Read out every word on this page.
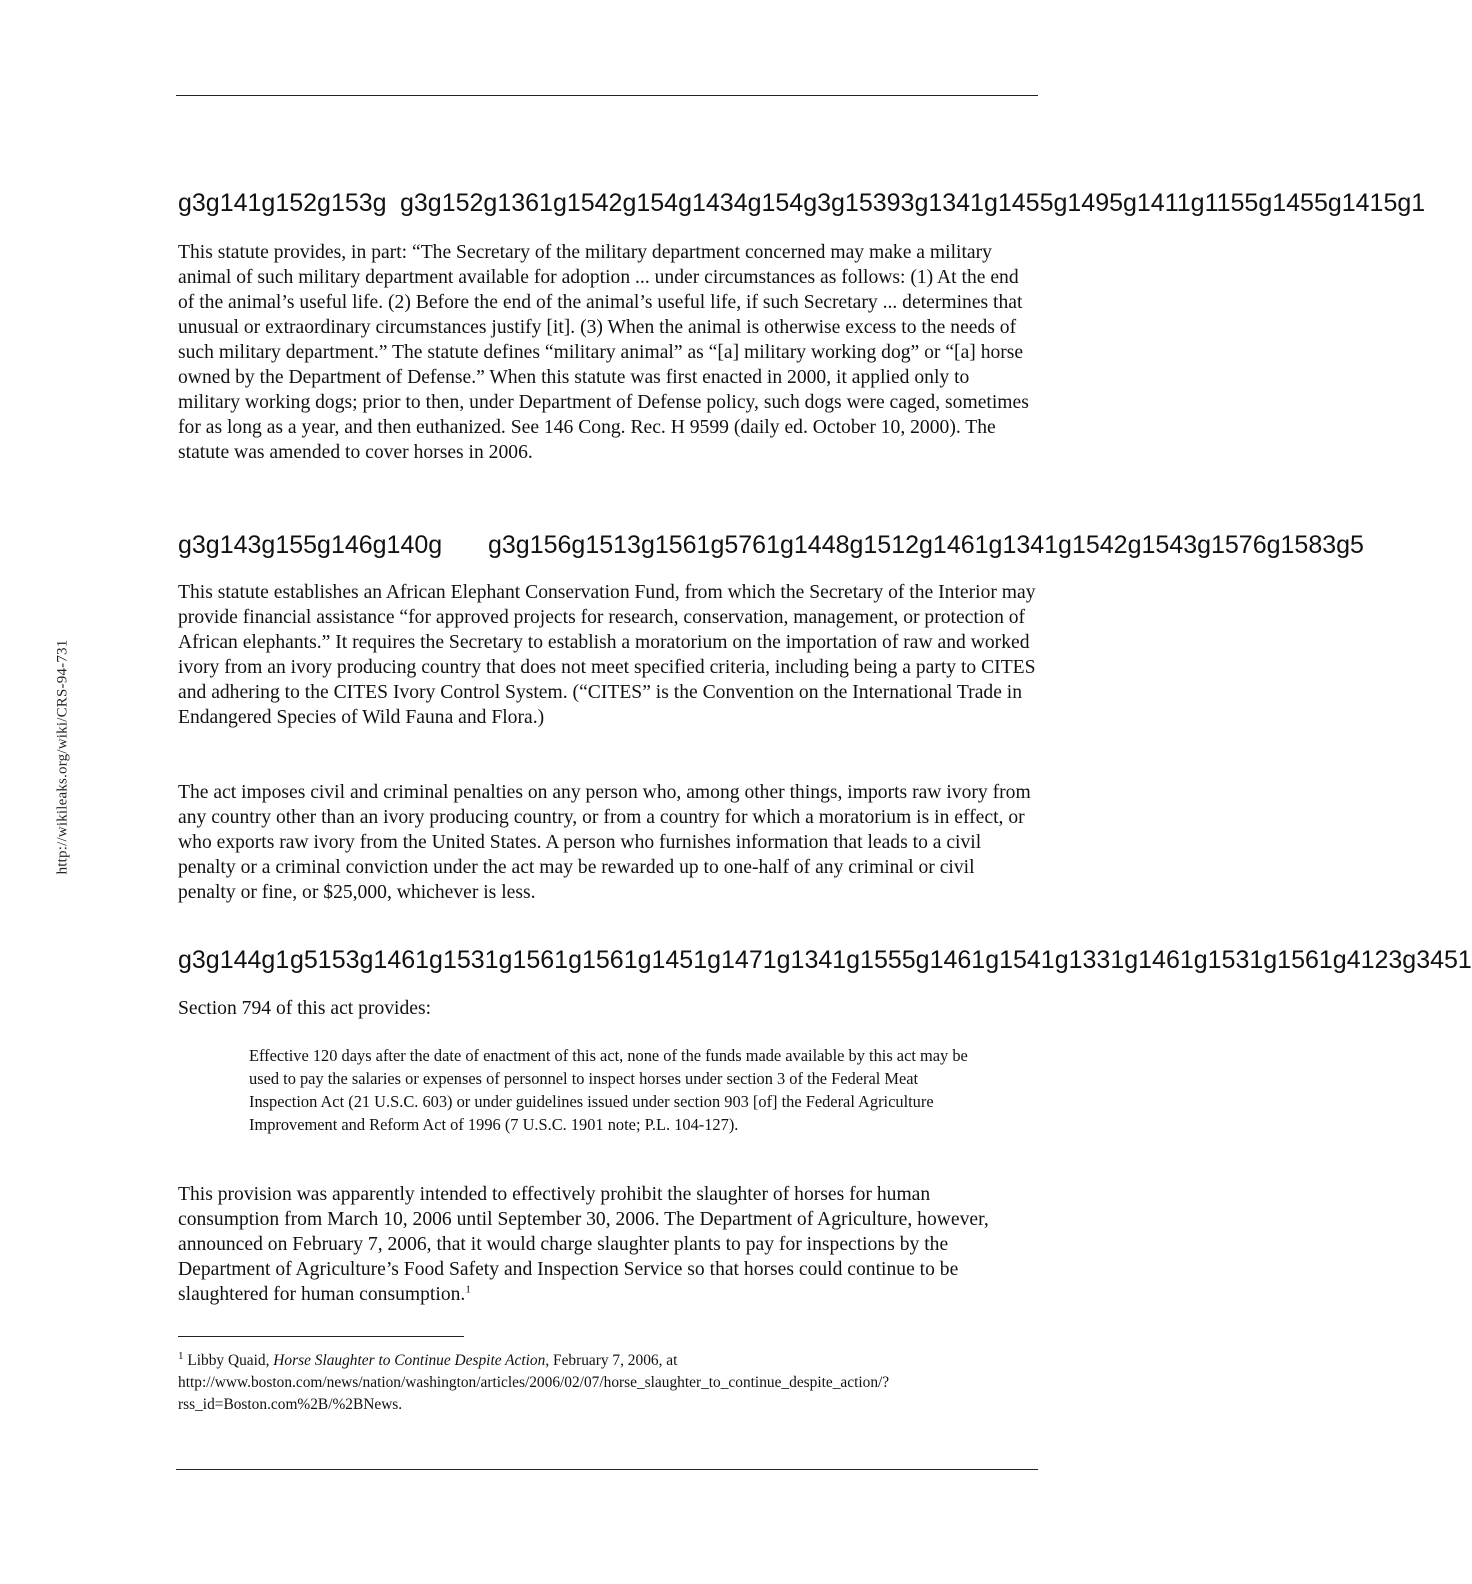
http://wikileaks.org/wiki/CRS-94-731
g3g141g152g153g g3g152g1361g1542g154g1434g154g3g15393g1341g1455g1495g1411g1155g1455g1415g1

This statute provides, in part: “The Secretary of the military department concerned may make a military animal of such military department available for adoption ... under circumstances as follows: (1) At the end of the animal’s useful life. (2) Before the end of the animal’s useful life, if such Secretary ... determines that unusual or extraordinary circumstances justify [it]. (3) When the animal is otherwise excess to the needs of such military department.” The statute defines “military animal” as “[a] military working dog” or “[a] horse owned by the Department of Defense.” When this statute was first enacted in 2000, it applied only to military working dogs; prior to then, under Department of Defense policy, such dogs were caged, sometimes for as long as a year, and then euthanized. See 146 Cong. Rec. H 9599 (daily ed. October 10, 2000). The statute was amended to cover horses in 2006.

g3g143g155g146g140g g3g156g1513g1561g5761g1448g1512g1461g1341g1542g1543g1576g1583g5

This statute establishes an African Elephant Conservation Fund, from which the Secretary of the Interior may provide financial assistance “for approved projects for research, conservation, management, or protection of African elephants.” It requires the Secretary to establish a moratorium on the importation of raw and worked ivory from an ivory producing country that does not meet specified criteria, including being a party to CITES and adhering to the CITES Ivory Control System. (“CITES” is the Convention on the International Trade in Endangered Species of Wild Fauna and Flora.)

The act imposes civil and criminal penalties on any person who, among other things, imports raw ivory from any country other than an ivory producing country, or from a country for which a moratorium is in effect, or who exports raw ivory from the United States. A person who furnishes information that leads to a civil penalty or a criminal conviction under the act may be rewarded up to one-half of any criminal or civil penalty or fine, or $25,000, whichever is less.

g3g144g1 g5153g1461g1531g1561g1561g1451g1471g1341g1555g1461g1541g1331g1461g1531g1561g4123g3451

Section 794 of this act provides:

Effective 120 days after the date of enactment of this act, none of the funds made available by this act may be used to pay the salaries or expenses of personnel to inspect horses under section 3 of the Federal Meat Inspection Act (21 U.S.C. 603) or under guidelines issued under section 903 [of] the Federal Agriculture Improvement and Reform Act of 1996 (7 U.S.C. 1901 note; P.L. 104-127).

This provision was apparently intended to effectively prohibit the slaughter of horses for human consumption from March 10, 2006 until September 30, 2006. The Department of Agriculture, however, announced on February 7, 2006, that it would charge slaughter plants to pay for inspections by the Department of Agriculture’s Food Safety and Inspection Service so that horses could continue to be slaughtered for human consumption.$^1$

$^1$ Libby Quaid, Horse Slaughter to Continue Despite Action, February 7, 2006, at http://www.boston.com/news/nation/washington/articles/2006/02/07/horse_slaughter_to_continue_despite_action/?rss_id=Boston.com%2B/%2BNews.
